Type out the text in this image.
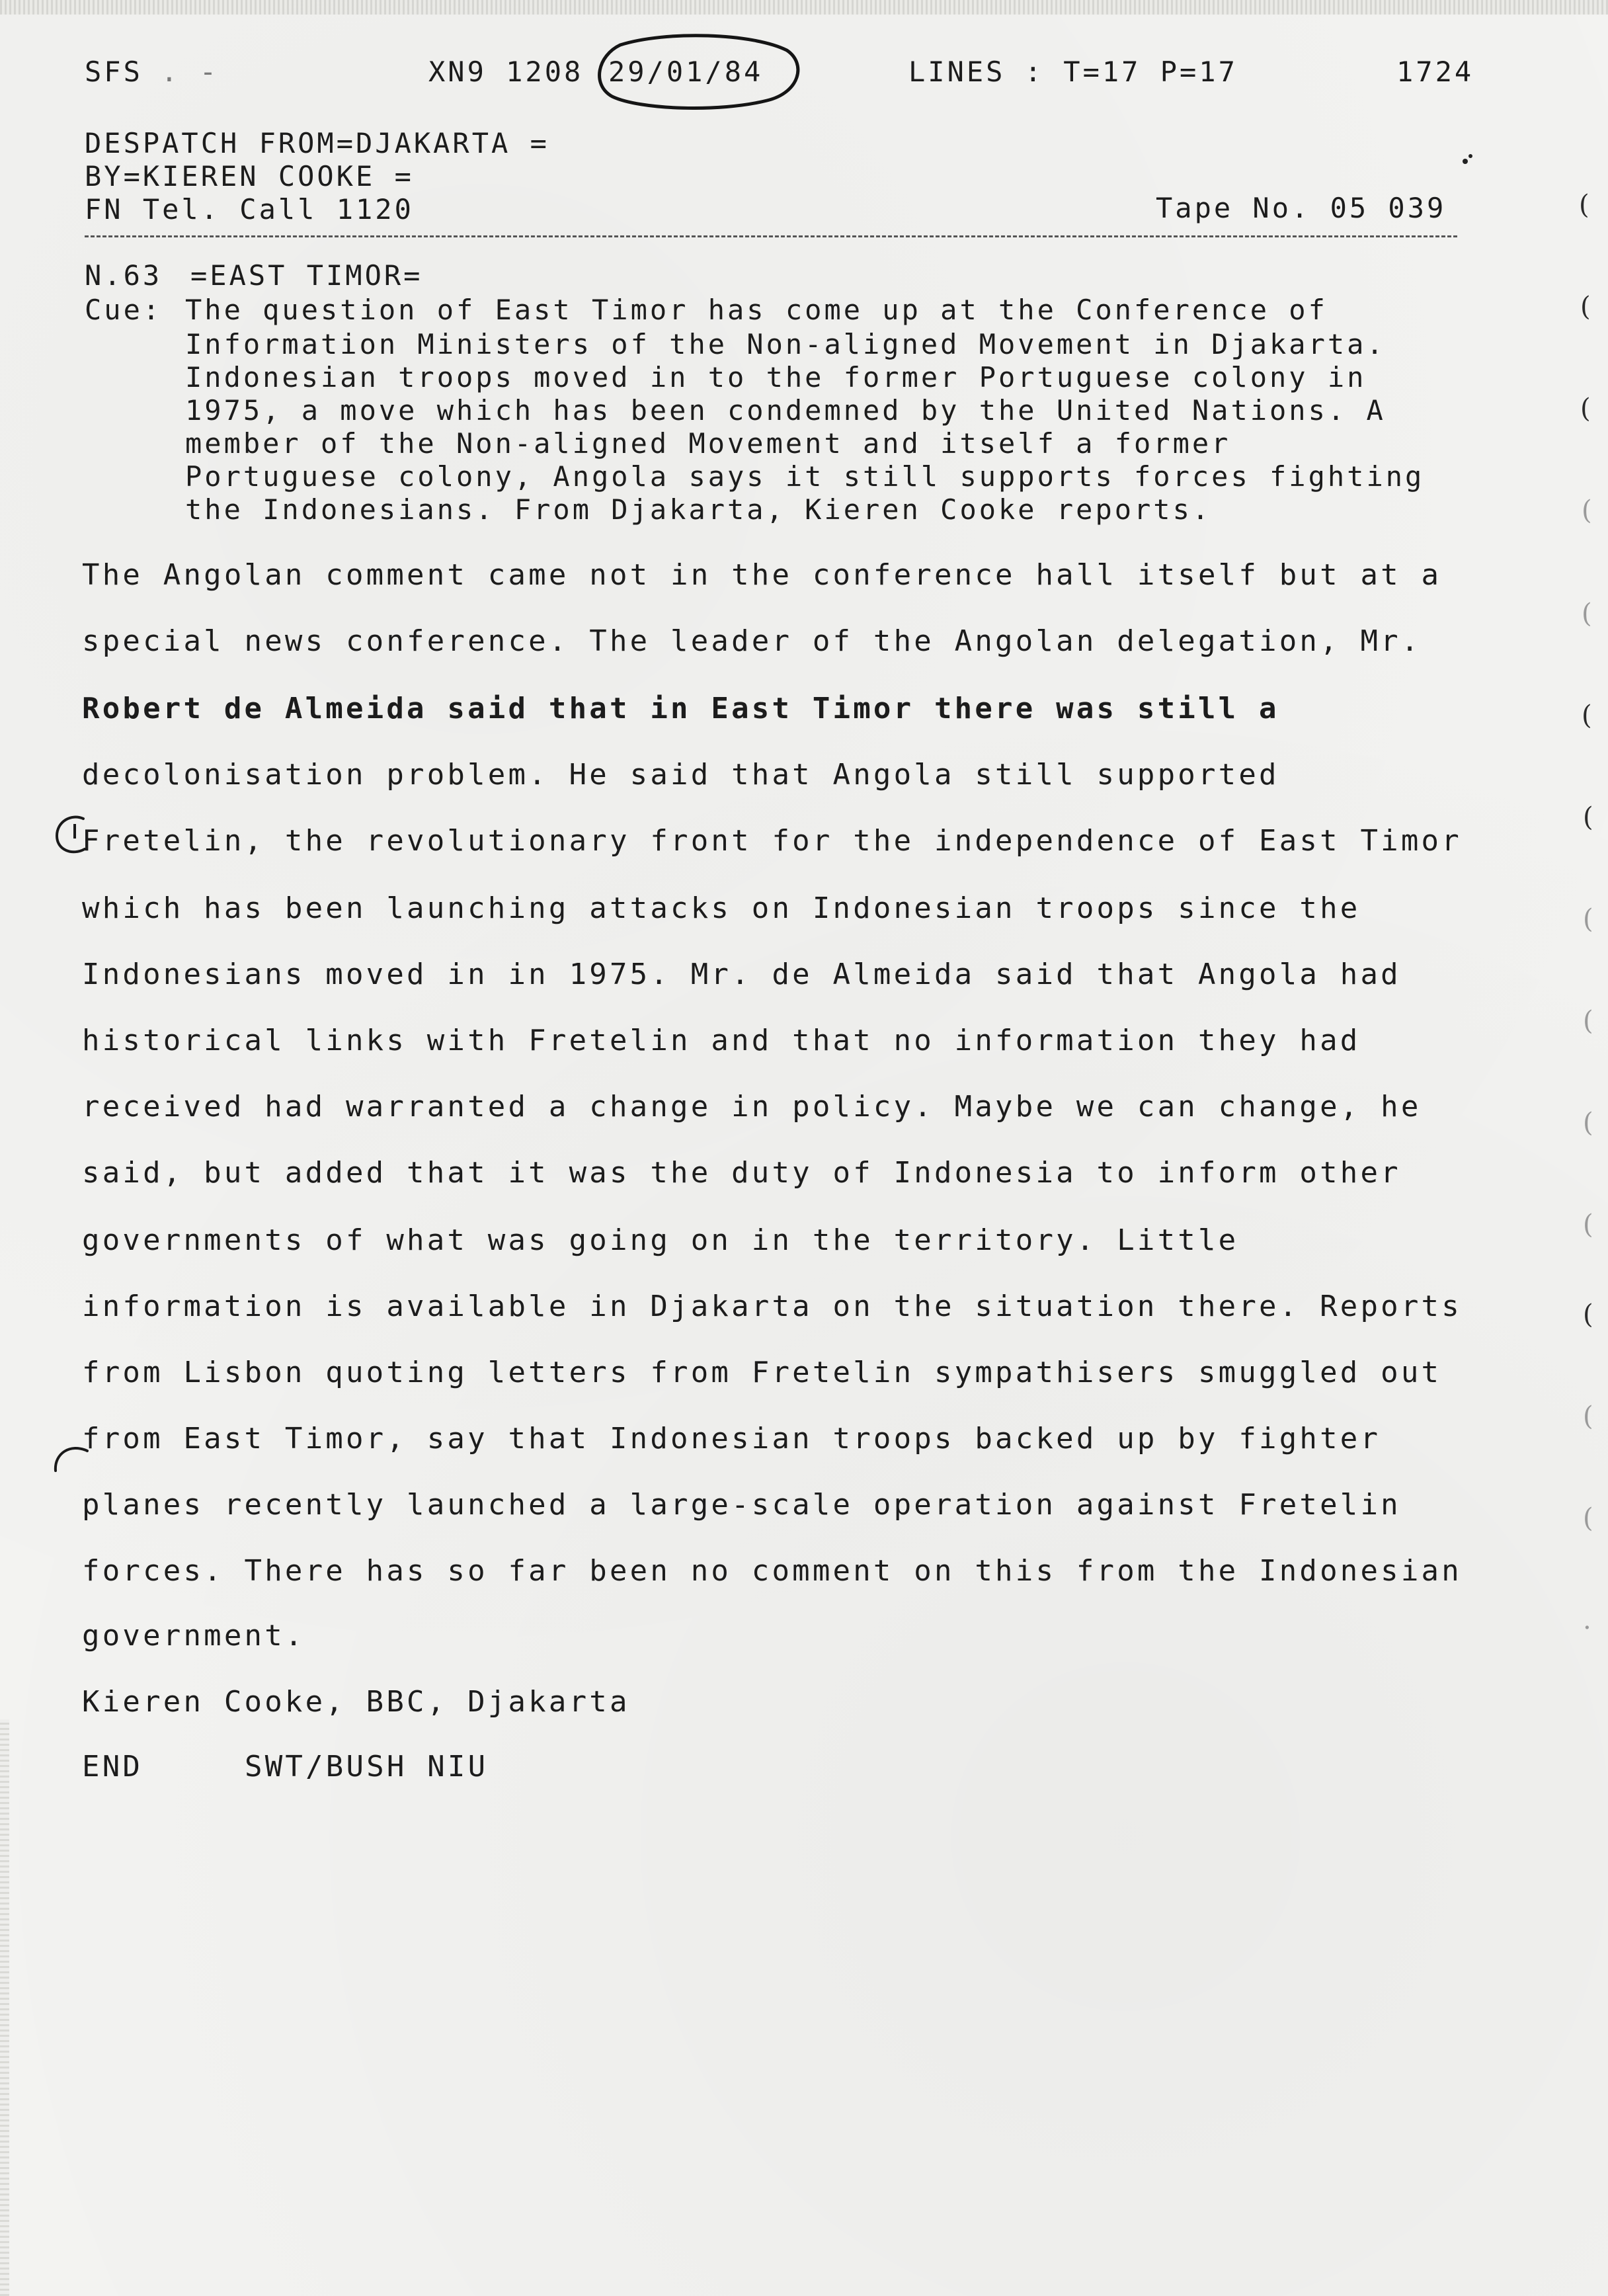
SFS
. -	XN9 1208 29/01/84	LINES : T=17 P=17	1724
DESPATCH FROM=DJAKARTA =
BY=KIEREN COOKE =
FN Tel. Call 1120	Tape No. 05 039
N.63 =EAST TIMOR=
Cue: The question of East Timor has come up at the Conference of
Information Ministers of the Non-aligned Movement in Djakarta.
Indonesian troops moved in to the former Portuguese colony in
1975, a move which has been condemned by the United Nations. A
member of the Non-aligned Movement and itself a former
Portuguese colony, Angola says it still supports forces fighting
the Indonesians. From Djakarta, Kieren Cooke reports.
The Angolan comment came not in the conference hall itself but at a
special news conference. The leader of the Angolan delegation, Mr.
Robert de Almeida said that in East Timor there was still a
decolonisation problem. He said that Angola still supported
Fretelin, the revolutionary front for the independence of East Timor
which has been launching attacks on Indonesian troops since the
Indonesians moved in in 1975. Mr. de Almeida said that Angola had
historical links with Fretelin and that no information they had
received had warranted a change in policy. Maybe we can change, he
said, but added that it was the duty of Indonesia to inform other
governments of what was going on in the territory. Little
information is available in Djakarta on the situation there. Reports
from Lisbon quoting letters from Fretelin sympathisers smuggled out
from East Timor, say that Indonesian troops backed up by fighter
planes recently launched a large-scale operation against Fretelin
forces. There has so far been no comment on this from the Indonesian
government.
Kieren Cooke, BBC, Djakarta
END	SWT/BUSH NIU
(
(
(
(
(
(
(
(
(
(
(
(
(
(
.
